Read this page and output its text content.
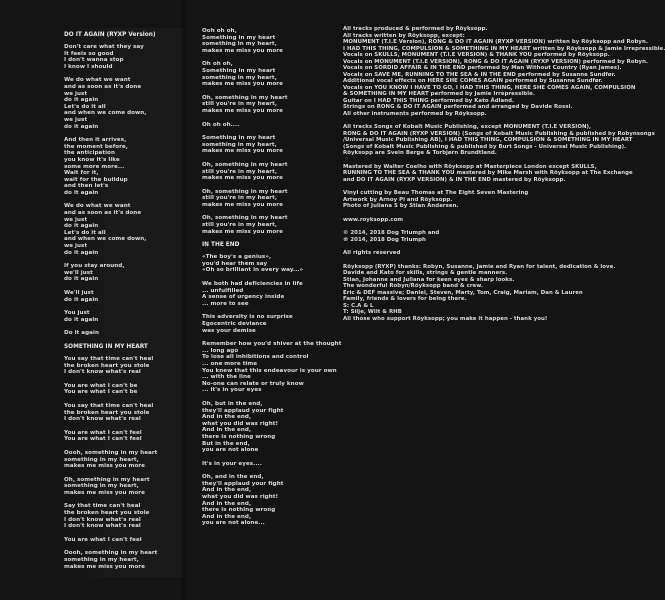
DO IT AGAIN (RYXP Version)
Don't care what they say
It feels so good
I don't wanna stop
I know I should
We do what we want
and as soon as it's done
we just
do it again
Let's do it all
and when we come down,
we just
do it again
And then it arrives,
the moment before,
the anticipation
you know it's like
some more more...
Wait for it,
wait for the buildup
and then let's
do it again
We do what we want
and as soon as it's done
we just
do it again
Let's do it all
and when we come down,
we just
do it again
If you stay around,
we'll just
do it again
We'll just
do it again
You just
do it again
Do it again
SOMETHING IN MY HEART
You say that time can't heal
the broken heart you stole
I don't know what's real
You are what I can't be
You are what I can't be
You say that time can't heal
the broken heart you stole
I don't know what's real
You are what I can't feel
You are what I can't feel
Oooh, something in my heart
something in my heart,
makes me miss you more
Oh, something in my heart
something in my heart,
makes me miss you more
Say that time can't heal
the broken heart you stole
I don't know what's real
I don't know what's real
You are what I can't feel
Oooh, something in my heart
something in my heart,
makes me miss you more
Ooh oh oh,
Something in my heart
something in my heart,
makes me miss you more
Oh oh oh,
Something in my heart
something in my heart,
makes me miss you more
Oh, something in my heart
still you're in my heart,
makes me miss you more
Oh oh oh....
Something in my heart
something in my heart,
makes me miss you more
Oh, something in my heart
still you're in my heart,
makes me miss you more
Oh, something in my heart
still you're in my heart,
makes me miss you more
Oh, something in my heart
still you're in my heart,
makes me miss you more
IN THE END
«The boy's a genius»,
you'd hear them say
«Oh so brilliant in every way...»
We both had deficiencies in life
... unfulfilled
A sense of urgency inside
... more to see
This adversity is no surprise
Egocentric deviance
was your demise
Remember how you'd shiver at the thought
... long ago
To lose all inhibitions and control
... one more time
You knew that this endeavour is your own
... with the line
No-one can relate or truly know
... it's in your eyes
Oh, but in the end,
they'll applaud your fight
And in the end,
what you did was right!
And in the end,
there is nothing wrong
But in the end,
you are not alone
It's in your eyes....
Oh, and in the end,
they'll applaud your fight
And in the end,
what you did was right!
And in the end,
there is nothing wrong
And in the end,
you are not alone...
All tracks produced & performed by Röyksopp.
All tracks written by Röyksopp, except:
MONUMENT (T.I.E Version), RONG & DO IT AGAIN (RYXP VERSION) written by Röyksopp and Robyn.
I HAD THIS THING, COMPULSION & SOMETHING IN MY HEART written by Röyksopp & Jamie Irrepressible.
Vocals on SKULLS, MONUMENT (T.I.E VERSION) & THANK YOU performed by Röyksopp.
Vocals on MONUMENT (T.I.E VERSION), RONG & DO IT AGAIN (RYXP VERSION) performed by Robyn.
Vocals on SORDID AFFAIR & IN THE END performed by Man Without Country (Ryan James).
Vocals on SAVE ME, RUNNING TO THE SEA & IN THE END performed by Susanne Sundfør.
Additional vocal effects on HERE SHE COMES AGAIN performed by Susanne Sundfør.
Vocals on YOU KNOW I HAVE TO GO, I HAD THIS THING, HERE SHE COMES AGAIN, COMPULSION
& SOMETHING IN MY HEART performed by Jamie Irrepressible.
Guitar on I HAD THIS THING performed by Kato Ådland.
Strings on RONG & DO IT AGAIN performed and arranged by Davide Rossi.
All other instruments performed by Röyksopp.
All tracks Songs of Kobalt Music Publishing, except MONUMENT (T.I.E VERSION),
RONG & DO IT AGAIN (RYXP VERSION) (Songs of Kobalt Music Publishing & published by Robynsongs
/Universal Music Publishing AB), I HAD THIS THING, COMPULSION & SOMETHING IN MY HEART
(Songs of Kobalt Music Publishing & published by Burt Songs - Universal Music Publishing).
Röyksopp are Svein Berge & Torbjørn Brundtland.
Mastered by Walter Coelho with Röyksopp at Masterpiece London except SKULLS,
RUNNING TO THE SEA & THANK YOU mastered by Mike Marsh with Röyksopp at The Exchange
and DO IT AGAIN (RYXP VERSION) & IN THE END mastered by Röyksopp.
Vinyl cutting by Beau Thomas at The Eight Seven Mastering
Artwork by Arnoy Pi and Röyksopp.
Photo of Juliana S by Stian Andersen.
www.royksopp.com
© 2014, 2018 Dog Triumph and
℗ 2014, 2018 Dog Triumph
All rights reserved
Röyksopp (RYXP) thanks: Robyn, Susanne, Jamie and Ryan for talent, dedication & love.
Davide and Kato for skills, strings & gentle manners.
Stian, Johanne and Juliana for keen eyes & sharp looks.
The wonderful Robyn/Röyksopp band & crew.
Eric & DEF massive; Daniel, Steven, Marty, Tom, Craig, Mariam, Dan & Lauren
Family, friends & lovers for being there.
S: C.A & L
T: Silje, Wilt & RHB
All those who support Röyksopp; you make it happen - thank you!
